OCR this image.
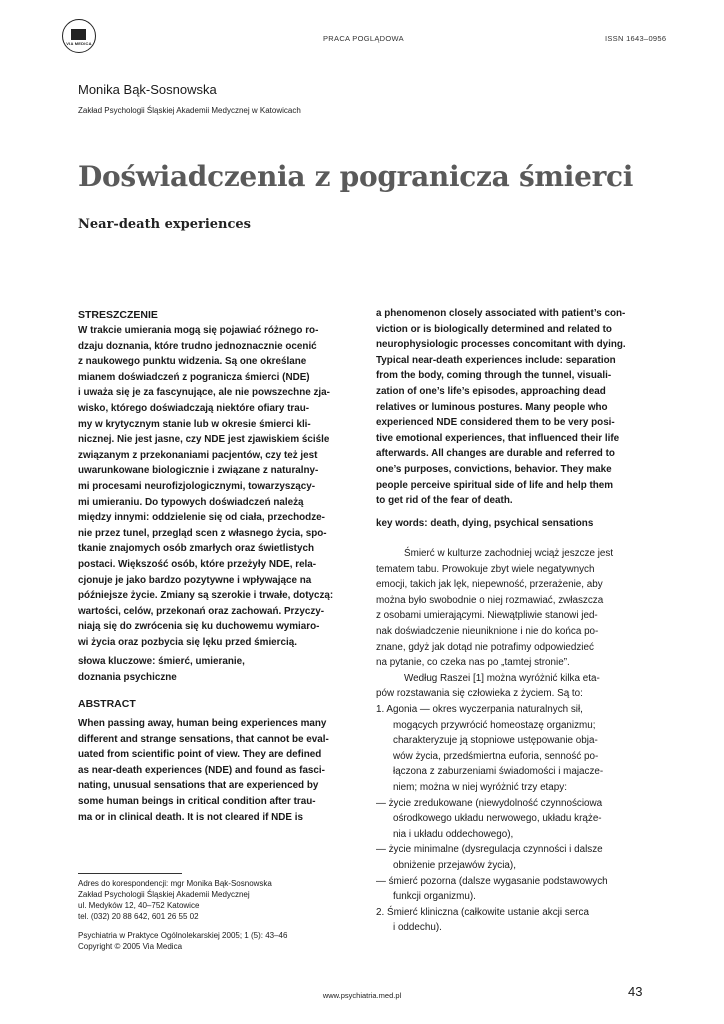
VIA MEDICA
PRACA POGLĄDOWA	ISSN 1643–0956
Monika Bąk-Sosnowska
Zakład Psychologii Śląskiej Akademii Medycznej w Katowicach
Doświadczenia z pogranicza śmierci
Near-death experiences
STRESZCZENIE
W trakcie umierania mogą się pojawiać różnego ro-
dzaju doznania, które trudno jednoznacznie ocenić
z naukowego punktu widzenia. Są one określane
mianem doświadczeń z pogranicza śmierci (NDE)
i uważa się je za fascynujące, ale nie powszechne zja-
wisko, którego doświadczają niektóre ofiary trau-
my w krytycznym stanie lub w okresie śmierci kli-
nicznej. Nie jest jasne, czy NDE jest zjawiskiem ściśle
związanym z przekonaniami pacjentów, czy też jest
uwarunkowane biologicznie i związane z naturalny-
mi procesami neurofizjologicznymi, towarzyszący-
mi umieraniu. Do typowych doświadczeń należą
między innymi: oddzielenie się od ciała, przechodze-
nie przez tunel, przegląd scen z własnego życia, spo-
tkanie znajomych osób zmarłych oraz świetlistych
postaci. Większość osób, które przeżyły NDE, rela-
cjonuje je jako bardzo pozytywne i wpływające na
późniejsze życie. Zmiany są szerokie i trwałe, dotyczą:
wartości, celów, przekonań oraz zachowań. Przyczy-
niają się do zwrócenia się ku duchowemu wymiaro-
wi życia oraz pozbycia się lęku przed śmiercią.
słowa kluczowe: śmierć, umieranie,
doznania psychiczne
ABSTRACT
When passing away, human being experiences many
different and strange sensations, that cannot be eval-
uated from scientific point of view. They are defined
as near-death experiences (NDE) and found as fasci-
nating, unusual sensations that are experienced by
some human beings in critical condition after trau-
ma or in clinical death. It is not cleared if NDE is
Adres do korespondencji: mgr Monika Bąk-Sosnowska
Zakład Psychologii Śląskiej Akademii Medycznej
ul. Medyków 12, 40–752 Katowice
tel. (032) 20 88 642, 601 26 55 02
Psychiatria w Praktyce Ogólnolekarskiej 2005; 1 (5): 43–46
Copyright © 2005 Via Medica
a phenomenon closely associated with patient’s con-
viction or is biologically determined and related to
neurophysiologic processes concomitant with dying.
Typical near-death experiences include: separation
from the body, coming through the tunnel, visuali-
zation of one’s life’s episodes, approaching dead
relatives or luminous postures. Many people who
experienced NDE considered them to be very posi-
tive emotional experiences, that influenced their life
afterwards. All changes are durable and referred to
one’s purposes, convictions, behavior. They make
people perceive spiritual side of life and help them
to get rid of the fear of death.
key words: death, dying, psychical sensations
Śmierć w kulturze zachodniej wciąż jeszcze jest
tematem tabu. Prowokuje zbyt wiele negatywnych
emocji, takich jak lęk, niepewność, przerażenie, aby
można było swobodnie o niej rozmawiać, zwłaszcza
z osobami umierającymi. Niewątpliwie stanowi jed-
nak doświadczenie nieuniknione i nie do końca po-
znane, gdyż jak dotąd nie potrafimy odpowiedzieć
na pytanie, co czeka nas po „tamtej stronie”.
Według Raszei [1] można wyróżnić kilka eta-
pów rozstawania się człowieka z życiem. Są to:
1. Agonia — okres wyczerpania naturalnych sił,
mogących przywrócić homeostazę organizmu;
charakteryzuje ją stopniowe ustępowanie obja-
wów życia, przedśmiertna euforia, senność po-
łączona z zaburzeniami świadomości i majacze-
niem; można w niej wyróżnić trzy etapy:
— życie zredukowane (niewydolność czynnościowa
ośrodkowego układu nerwowego, układu krąże-
nia i układu oddechowego),
— życie minimalne (dysregulacja czynności i dalsze
obniżenie przejawów życia),
— śmierć pozorna (dalsze wygasanie podstawowych
funkcji organizmu).
2. Śmierć kliniczna (całkowite ustanie akcji serca
i oddechu).
www.psychiatria.med.pl	43
